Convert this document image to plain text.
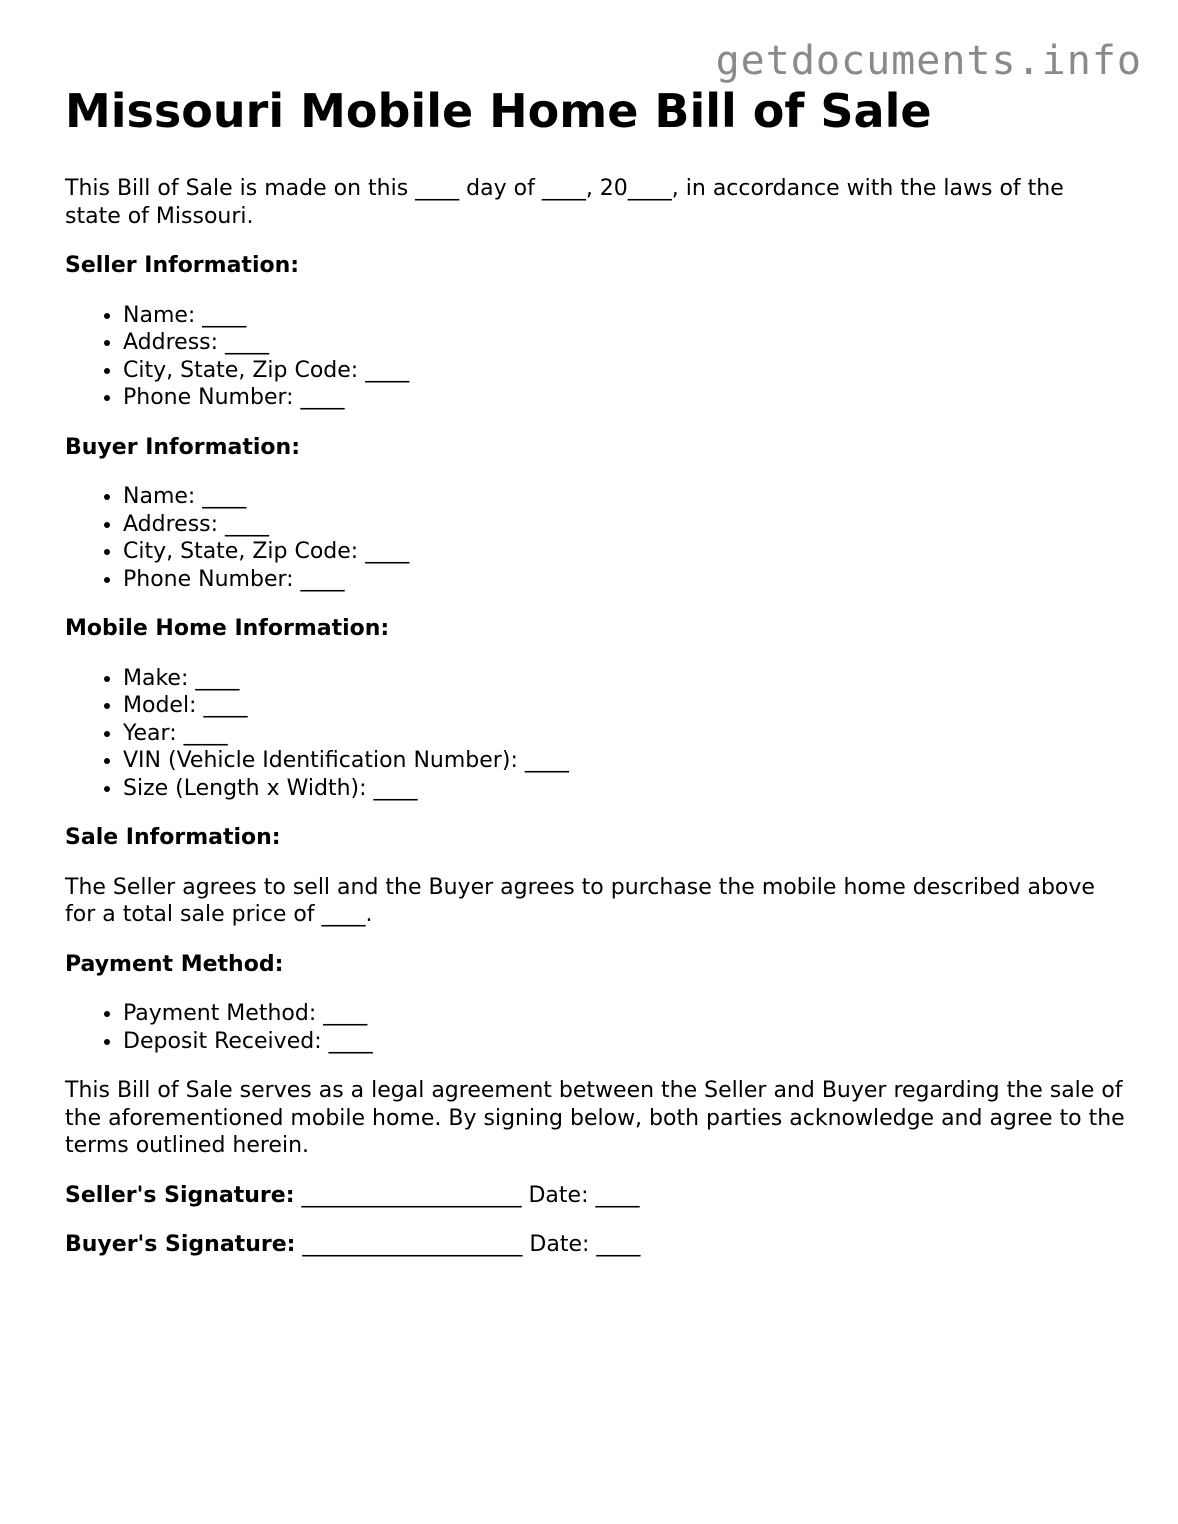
getdocuments.info
Missouri Mobile Home Bill of Sale

This Bill of Sale is made on this ____ day of ____, 20____, in accordance with the laws of the state of Missouri.

Seller Information:

• Name: ____
• Address: ____
• City, State, Zip Code: ____
• Phone Number: ____

Buyer Information:

• Name: ____
• Address: ____
• City, State, Zip Code: ____
• Phone Number: ____

Mobile Home Information:

• Make: ____
• Model: ____
• Year: ____
• VIN (Vehicle Identification Number): ____
• Size (Length x Width): ____

Sale Information:

The Seller agrees to sell and the Buyer agrees to purchase the mobile home described above for a total sale price of ____.

Payment Method:

• Payment Method: ____
• Deposit Received: ____

This Bill of Sale serves as a legal agreement between the Seller and Buyer regarding the sale of the aforementioned mobile home. By signing below, both parties acknowledge and agree to the terms outlined herein.

Seller's Signature: ____________________ Date: ____

Buyer's Signature: ____________________ Date: ____
